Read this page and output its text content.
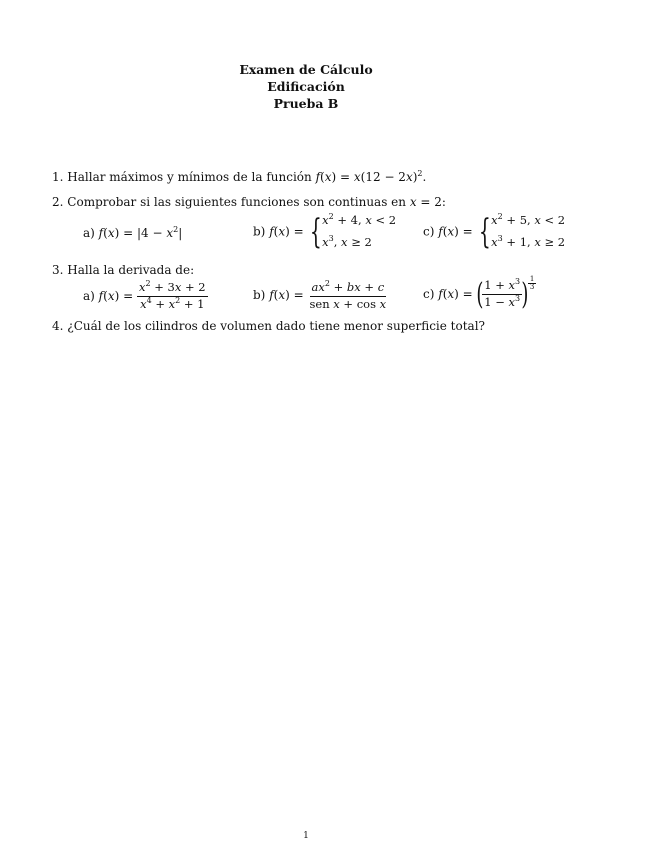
Examen de Cálculo
Edificación
Prueba B
1. Hallar máximos y mínimos de la función $f(x) = x(12 - 2x)^2$.
2. Comprobar si las siguientes funciones son continuas en x = 2:
a) $f(x) = |4 - x^2|$	b) f(x) = { $x^2 + 4$, x < 2
$x^3$, x ≥ 2
c) f(x) = { $x^2 + 5$, x < 2
$x^3 + 1$, x ≥ 2
3. Halla la derivada de:
a) $f(x) = \frac{x^2 + 3x + 2}{x^4 + x^2 + 1}$	b) $f(x) = \frac{ax^2 + bx + c}{\text{sen x + cos x}}$	c) f(x) = ( $\frac{1 + x^3}{1 - x^3}$ ) $\frac{1}{3}$
4. ¿Cuál de los cilindros de volumen dado tiene menor superficie total?
1
